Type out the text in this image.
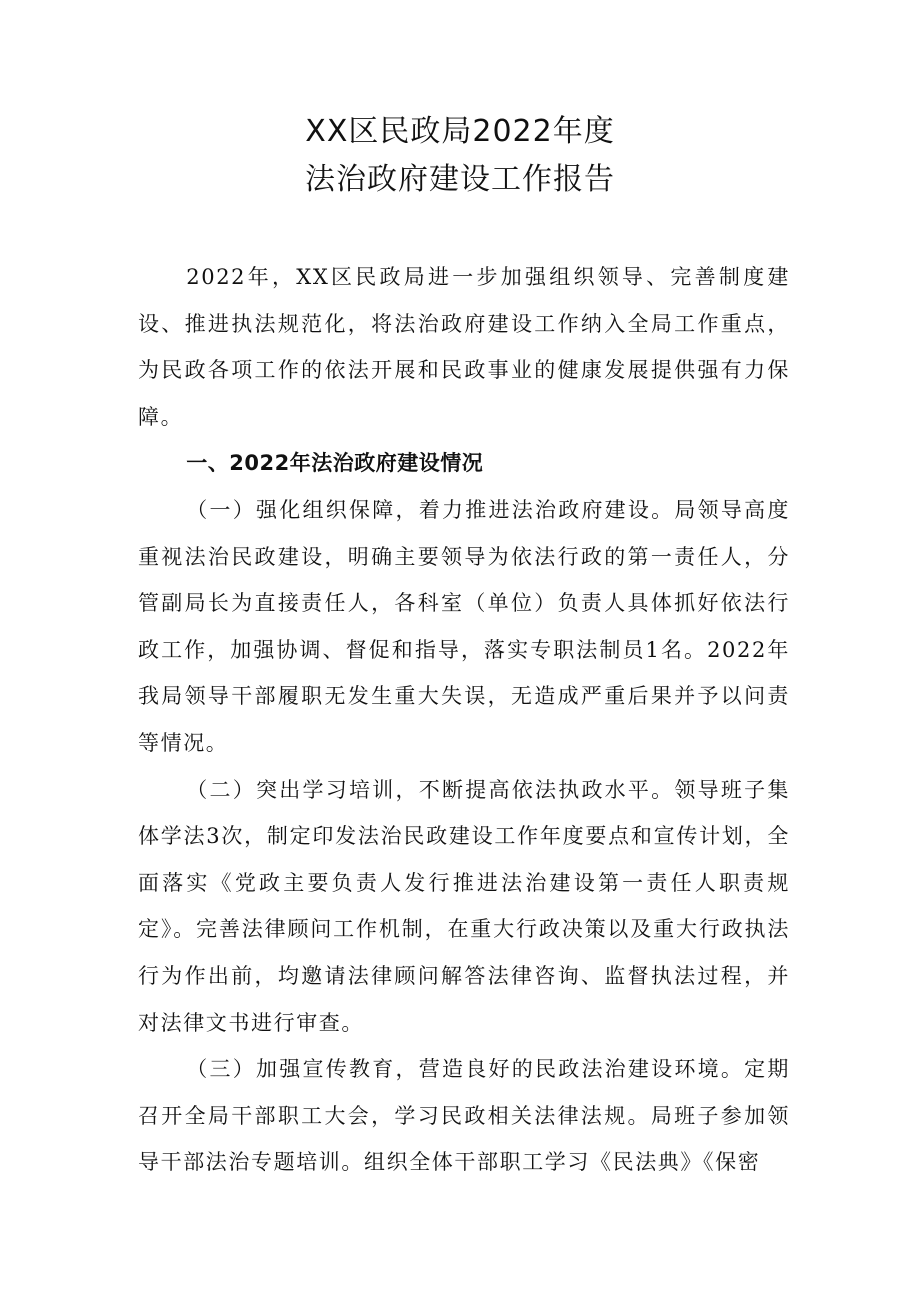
XX区民政局2022年度
法治政府建设工作报告

2022年，XX区民政局进一步加强组织领导、完善制度建设、推进执法规范化，将法治政府建设工作纳入全局工作重点，为民政各项工作的依法开展和民政事业的健康发展提供强有力保障。

一、2022年法治政府建设情况

（一）强化组织保障，着力推进法治政府建设。局领导高度重视法治民政建设，明确主要领导为依法行政的第一责任人，分管副局长为直接责任人，各科室（单位）负责人具体抓好依法行政工作，加强协调、督促和指导，落实专职法制员1名。2022年我局领导干部履职无发生重大失误，无造成严重后果并予以问责等情况。

（二）突出学习培训，不断提高依法执政水平。领导班子集体学法3次，制定印发法治民政建设工作年度要点和宣传计划，全面落实《党政主要负责人发行推进法治建设第一责任人职责规定》。完善法律顾问工作机制，在重大行政决策以及重大行政执法行为作出前，均邀请法律顾问解答法律咨询、监督执法过程，并对法律文书进行审查。

（三）加强宣传教育，营造良好的民政法治建设环境。定期召开全局干部职工大会，学习民政相关法律法规。局班子参加领导干部法治专题培训。组织全体干部职工学习《民法典》《保密
